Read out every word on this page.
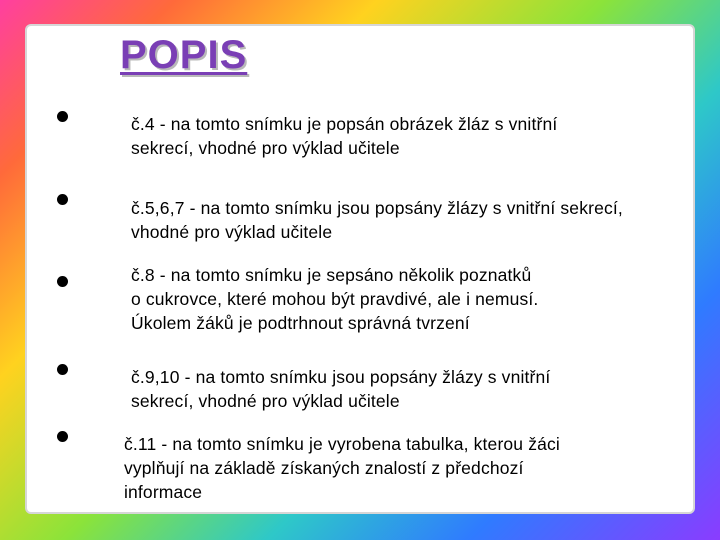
POPIS

č.4 - na tomto snímku je popsán obrázek žláz s vnitřní
sekrecí, vhodné pro výklad učitele

č.5,6,7 - na tomto snímku jsou popsány žlázy s vnitřní sekrecí,
vhodné pro výklad učitele

č.8 - na tomto snímku je sepsáno několik poznatků
o cukrovce, které mohou být pravdivé, ale i nemusí.
Úkolem žáků je podtrhnout správná tvrzení

č.9,10 - na tomto snímku jsou popsány žlázy s vnitřní
sekrecí, vhodné pro výklad učitele

č.11 - na tomto snímku je vyrobena tabulka, kterou žáci
vyplňují na základě získaných znalostí z předchozí
informace
